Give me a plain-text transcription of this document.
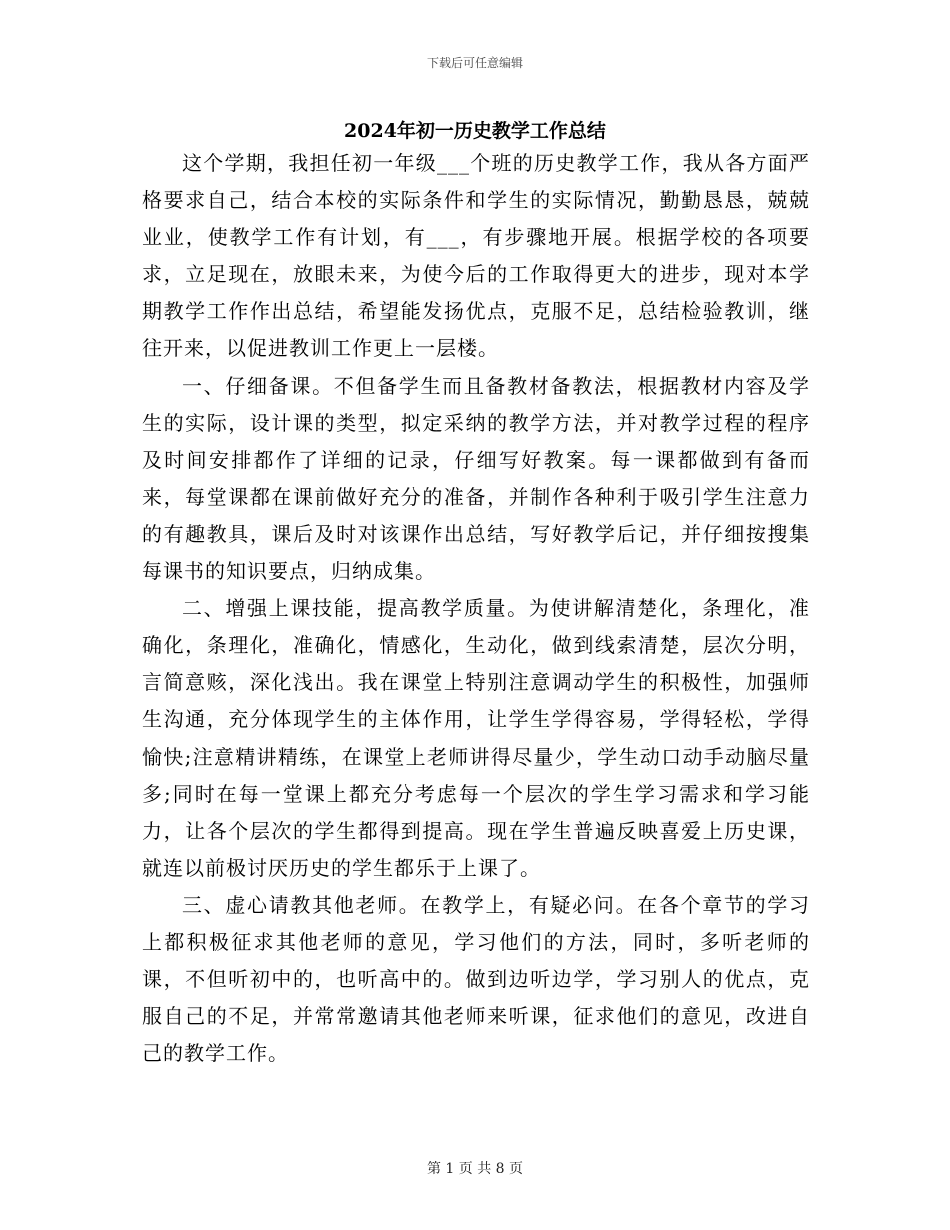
下载后可任意编辑
2024年初一历史教学工作总结

这个学期，我担任初一年级___个班的历史教学工作，我从各方面严格要求自己，结合本校的实际条件和学生的实际情况，勤勤恳恳，兢兢业业，使教学工作有计划，有___，有步骤地开展。根据学校的各项要求，立足现在，放眼未来，为使今后的工作取得更大的进步，现对本学期教学工作作出总结，希望能发扬优点，克服不足，总结检验教训，继往开来，以促进教训工作更上一层楼。

一、仔细备课。不但备学生而且备教材备教法，根据教材内容及学生的实际，设计课的类型，拟定采纳的教学方法，并对教学过程的程序及时间安排都作了详细的记录，仔细写好教案。每一课都做到有备而来，每堂课都在课前做好充分的准备，并制作各种利于吸引学生注意力的有趣教具，课后及时对该课作出总结，写好教学后记，并仔细按搜集每课书的知识要点，归纳成集。

二、增强上课技能，提高教学质量。为使讲解清楚化，条理化，准确化，条理化，准确化，情感化，生动化，做到线索清楚，层次分明，言简意赅，深化浅出。我在课堂上特别注意调动学生的积极性，加强师生沟通，充分体现学生的主体作用，让学生学得容易，学得轻松，学得愉快;注意精讲精练，在课堂上老师讲得尽量少，学生动口动手动脑尽量多;同时在每一堂课上都充分考虑每一个层次的学生学习需求和学习能力，让各个层次的学生都得到提高。现在学生普遍反映喜爱上历史课，就连以前极讨厌历史的学生都乐于上课了。

三、虚心请教其他老师。在教学上，有疑必问。在各个章节的学习上都积极征求其他老师的意见，学习他们的方法，同时，多听老师的课，不但听初中的，也听高中的。做到边听边学，学习别人的优点，克服自己的不足，并常常邀请其他老师来听课，征求他们的意见，改进自己的教学工作。

第 1 页 共 8 页
